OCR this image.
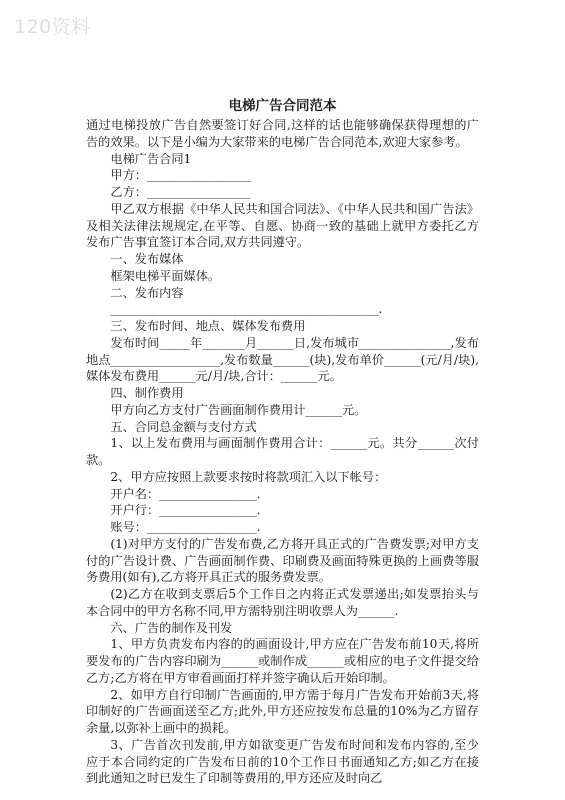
120资料
电梯广告合同范本

通过电梯投放广告自然要签订好合同,这样的话也能够确保获得理想的广告的效果。以下是小编为大家带来的电梯广告合同范本,欢迎大家参考。

电梯广告合同1

甲方：_________________

乙方：_________________

甲乙双方根据《中华人民共和国合同法》、《中华人民共和国广告法》及相关法律法规规定,在平等、自愿、协商一致的基础上就甲方委托乙方发布广告事宜签订本合同,双方共同遵守。

一、发布媒体

框架电梯平面媒体。

二、发布内容

____________________________________________.

三、发布时间、地点、媒体发布费用

发布时间_____年_______月______日,发布城市_______________,发布地点__________________,发布数量______(块),发布单价______(元/月/块),媒体发布费用______元/月/块,合计：______元。

四、制作费用

甲方向乙方支付广告画面制作费用计______元。

五、合同总金额与支付方式

1、以上发布费用与画面制作费用合计：______元。共分______次付款。

2、甲方应按照上款要求按时将款项汇入以下帐号：

开户名：________________.

开户行：________________.

账号：__________________.

(1)对甲方支付的广告发布费,乙方将开具正式的广告费发票;对甲方支付的广告设计费、广告画面制作费、印刷费及画面特殊更换的上画费等服务费用(如有),乙方将开具正式的服务费发票。

(2)乙方在收到支票后5个工作日之内将正式发票递出;如发票抬头与本合同中的甲方名称不同,甲方需特别注明收票人为______.

六、广告的制作及刊发

1、甲方负责发布内容的的画面设计,甲方应在广告发布前10天,将所要发布的广告内容印刷为______或制作成______或相应的电子文件提交给乙方;乙方将在甲方审看画面打样并签字确认后开始印制。

2、如甲方自行印制广告画面的,甲方需于每月广告发布开始前3天,将印制好的广告画面送至乙方;此外,甲方还应按发布总量的10%为乙方留存余量,以弥补上画中的损耗。

3、广告首次刊发前,甲方如欲变更广告发布时间和发布内容的,至少应于本合同约定的广告发布日前的10个工作日书面通知乙方;如乙方在接到此通知之时已发生了印制等费用的,甲方还应及时向乙
